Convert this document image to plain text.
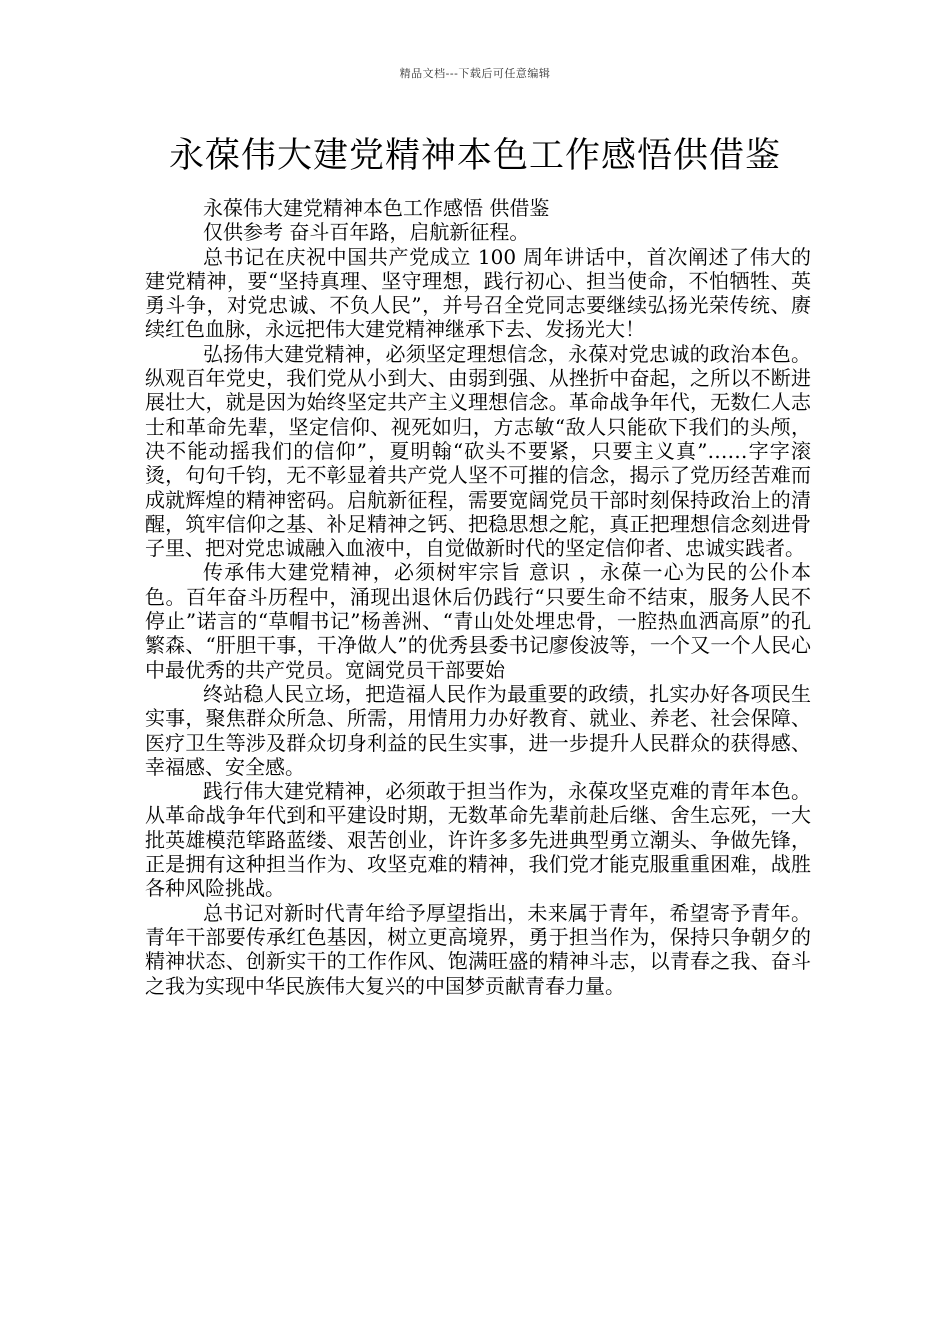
精品文档---下载后可任意编辑
永葆伟大建党精神本色工作感悟供借鉴

永葆伟大建党精神本色工作感悟 供借鉴

仅供参考 奋斗百年路，启航新征程。

总书记在庆祝中国共产党成立 100 周年讲话中，首次阐述了伟大的建党精神，要“坚持真理、坚守理想，践行初心、担当使命，不怕牺牲、英勇斗争，对党忠诚、不负人民”，并号召全党同志要继续弘扬光荣传统、赓续红色血脉，永远把伟大建党精神继承下去、发扬光大！

弘扬伟大建党精神，必须坚定理想信念，永葆对党忠诚的政治本色。纵观百年党史，我们党从小到大、由弱到强、从挫折中奋起，之所以不断进展壮大，就是因为始终坚定共产主义理想信念。革命战争年代，无数仁人志士和革命先辈，坚定信仰、视死如归，方志敏“敌人只能砍下我们的头颅，决不能动摇我们的信仰”，夏明翰“砍头不要紧，只要主义真”……字字滚烫，句句千钧，无不彰显着共产党人坚不可摧的信念，揭示了党历经苦难而成就辉煌的精神密码。启航新征程，需要宽阔党员干部时刻保持政治上的清醒，筑牢信仰之基、补足精神之钙、把稳思想之舵，真正把理想信念刻进骨子里、把对党忠诚融入血液中，自觉做新时代的坚定信仰者、忠诚实践者。

传承伟大建党精神，必须树牢宗旨 意识 ，永葆一心为民的公仆本色。百年奋斗历程中，涌现出退休后仍践行“只要生命不结束，服务人民不停止”诺言的“草帽书记”杨善洲、“青山处处埋忠骨，一腔热血洒高原”的孔繁森、“肝胆干事，干净做人”的优秀县委书记廖俊波等，一个又一个人民心中最优秀的共产党员。宽阔党员干部要始

终站稳人民立场，把造福人民作为最重要的政绩，扎实办好各项民生实事，聚焦群众所急、所需，用情用力办好教育、就业、养老、社会保障、医疗卫生等涉及群众切身利益的民生实事，进一步提升人民群众的获得感、幸福感、安全感。

践行伟大建党精神，必须敢于担当作为，永葆攻坚克难的青年本色。从革命战争年代到和平建设时期，无数革命先辈前赴后继、舍生忘死，一大批英雄模范筚路蓝缕、艰苦创业，许许多多先进典型勇立潮头、争做先锋，正是拥有这种担当作为、攻坚克难的精神，我们党才能克服重重困难，战胜各种风险挑战。

总书记对新时代青年给予厚望指出，未来属于青年，希望寄予青年。青年干部要传承红色基因，树立更高境界，勇于担当作为，保持只争朝夕的精神状态、创新实干的工作作风、饱满旺盛的精神斗志，以青春之我、奋斗之我为实现中华民族伟大复兴的中国梦贡献青春力量。
